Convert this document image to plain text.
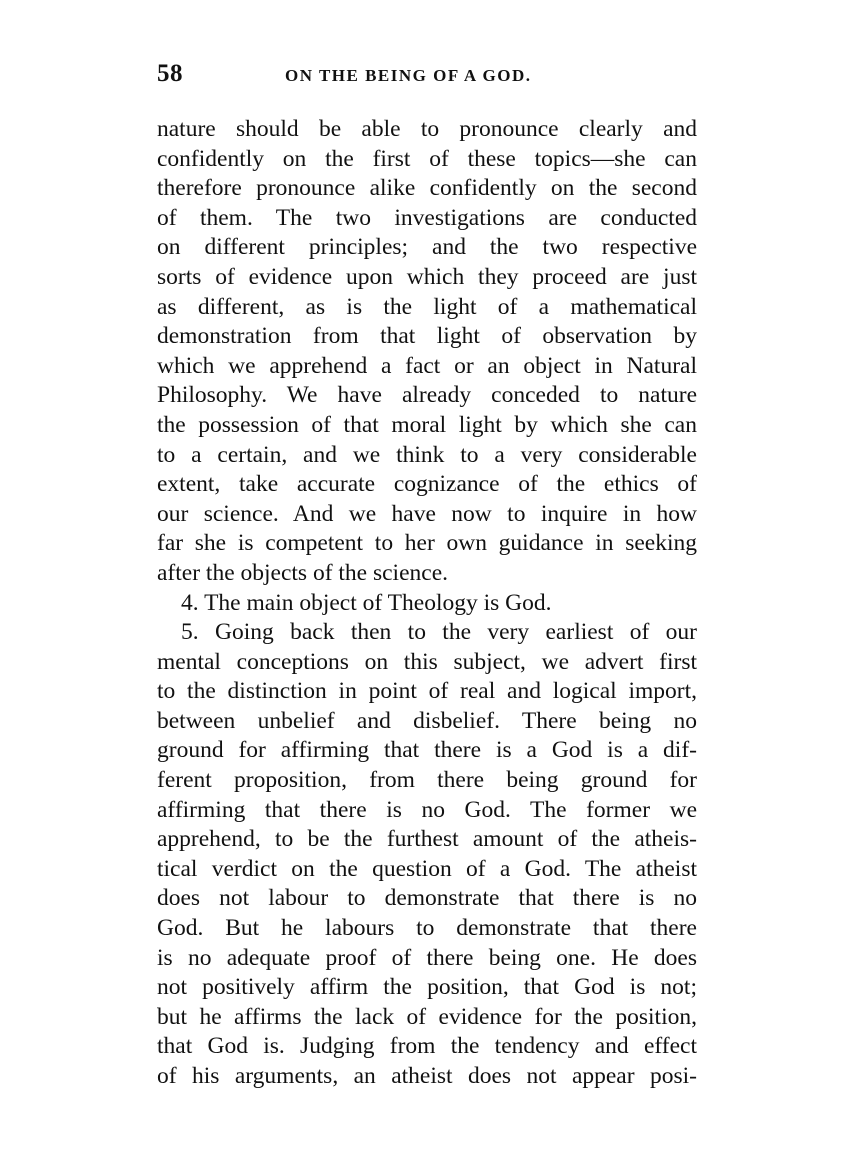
58	ON THE BEING OF A GOD.
nature should be able to pronounce clearly and
confidently on the first of these topics—she can
therefore pronounce alike confidently on the second
of them. The two investigations are conducted
on different principles; and the two respective
sorts of evidence upon which they proceed are just
as different, as is the light of a mathematical
demonstration from that light of observation by
which we apprehend a fact or an object in Natural
Philosophy. We have already conceded to nature
the possession of that moral light by which she can
to a certain, and we think to a very considerable
extent, take accurate cognizance of the ethics of
our science. And we have now to inquire in how
far she is competent to her own guidance in seeking
after the objects of the science.
4. The main object of Theology is God.
5. Going back then to the very earliest of our
mental conceptions on this subject, we advert first
to the distinction in point of real and logical import,
between unbelief and disbelief. There being no
ground for affirming that there is a God is a dif-
ferent proposition, from there being ground for
affirming that there is no God. The former we
apprehend, to be the furthest amount of the atheis-
tical verdict on the question of a God. The atheist
does not labour to demonstrate that there is no
God. But he labours to demonstrate that there
is no adequate proof of there being one. He does
not positively affirm the position, that God is not;
but he affirms the lack of evidence for the position,
that God is. Judging from the tendency and effect
of his arguments, an atheist does not appear posi-
